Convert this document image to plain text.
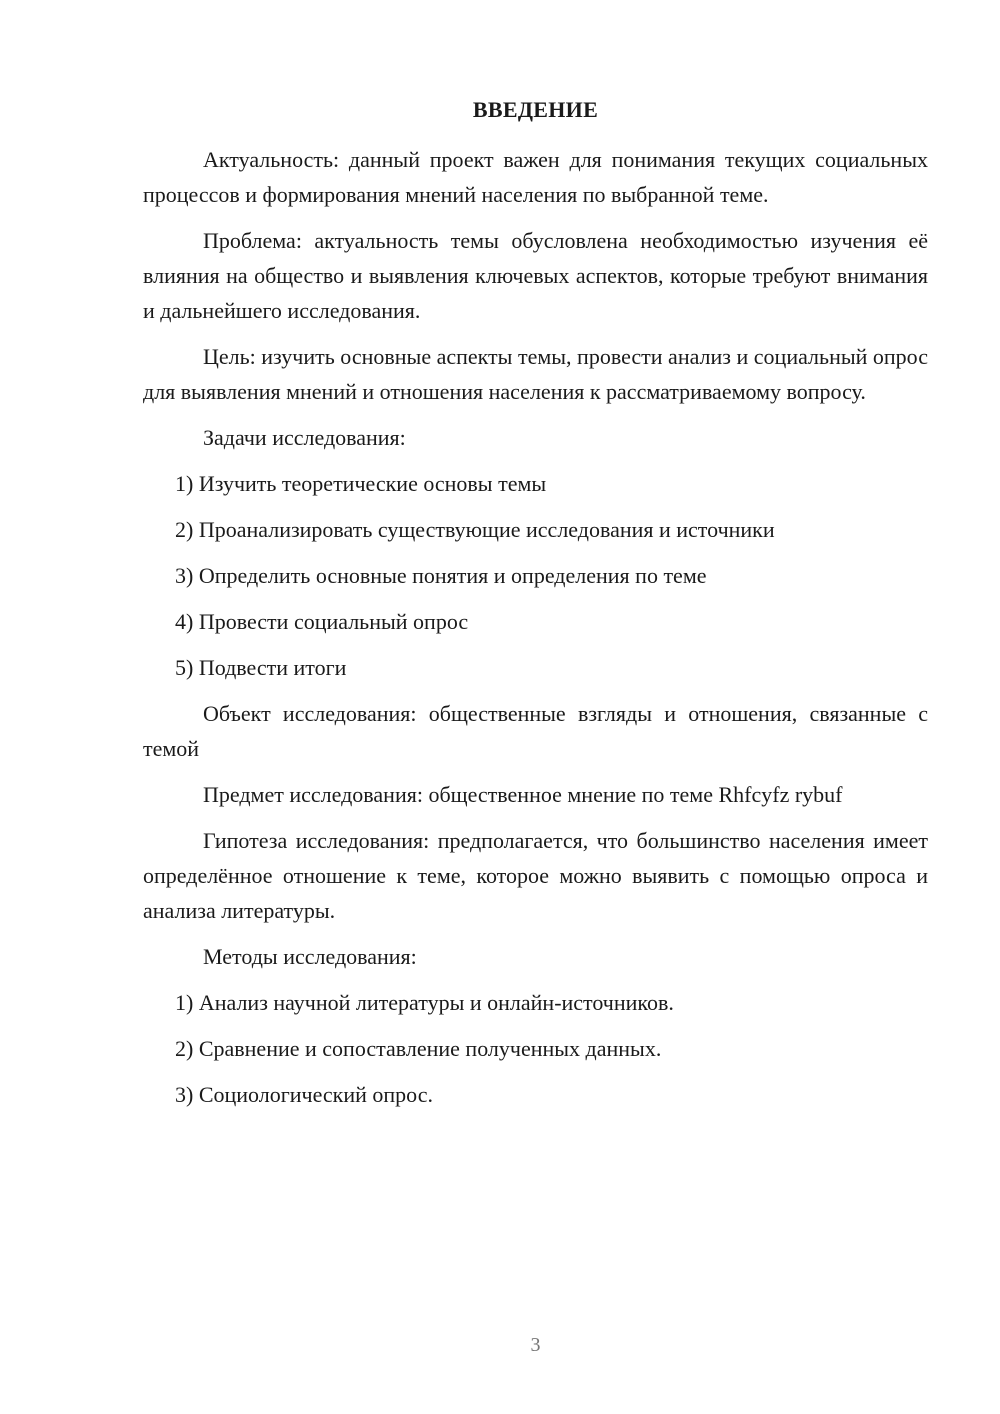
ВВЕДЕНИЕ

Актуальность: данный проект важен для понимания текущих социальных процессов и формирования мнений населения по выбранной теме.

Проблема: актуальность темы обусловлена необходимостью изучения её влияния на общество и выявления ключевых аспектов, которые требуют внимания и дальнейшего исследования.

Цель: изучить основные аспекты темы, провести анализ и социальный опрос для выявления мнений и отношения населения к рассматриваемому вопросу.

Задачи исследования:

1) Изучить теоретические основы темы

2) Проанализировать существующие исследования и источники

3) Определить основные понятия и определения по теме

4) Провести социальный опрос

5) Подвести итоги

Объект исследования: общественные взгляды и отношения, связанные с темой

Предмет исследования: общественное мнение по теме Rhfcyfz rybuf

Гипотеза исследования: предполагается, что большинство населения имеет определённое отношение к теме, которое можно выявить с помощью опроса и анализа литературы.

Методы исследования:

1) Анализ научной литературы и онлайн-источников.

2) Сравнение и сопоставление полученных данных.

3) Социологический опрос.

3
